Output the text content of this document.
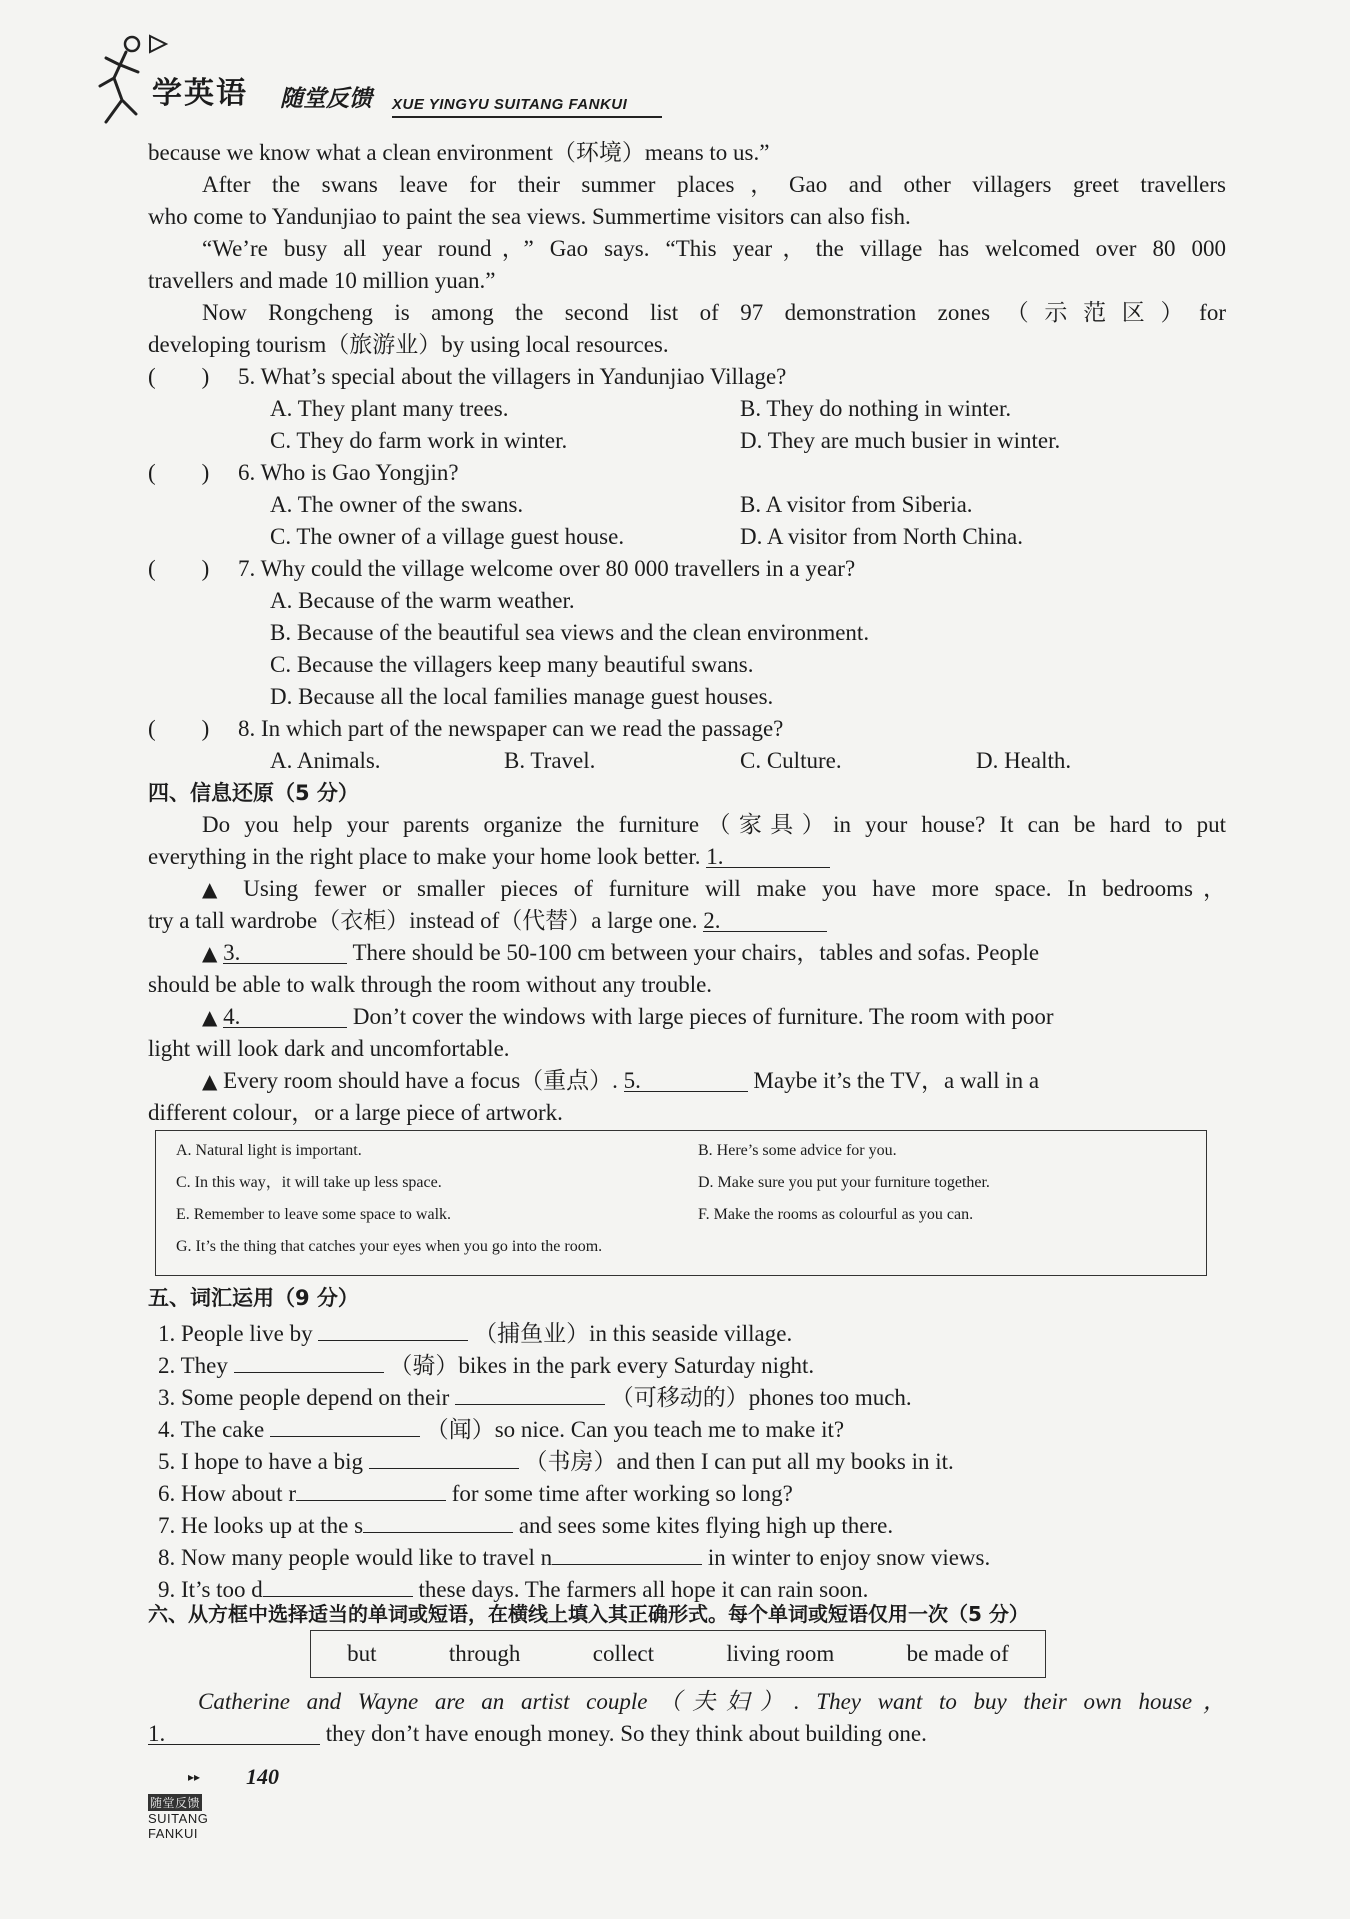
学英语 随堂反馈 XUE YINGYU SUITANG FANKUI
because we know what a clean environment（环境）means to us.”
After the swans leave for their summer places，Gao and other villagers greet travellers
who come to Yandunjiao to paint the sea views. Summertime visitors can also fish.
“We’re busy all year round，” Gao says. “This year，the village has welcomed over 80 000
travellers and made 10 million yuan.”
Now Rongcheng is among the second list of 97 demonstration zones（示范区）for
developing tourism（旅游业）by using local resources.
(　　) 5. What’s special about the villagers in Yandunjiao Village?
A. They plant many trees.	B. They do nothing in winter.
C. They do farm work in winter.	D. They are much busier in winter.
(　　) 6. Who is Gao Yongjin?
A. The owner of the swans.	B. A visitor from Siberia.
C. The owner of a village guest house.	D. A visitor from North China.
(　　) 7. Why could the village welcome over 80 000 travellers in a year?
A. Because of the warm weather.
B. Because of the beautiful sea views and the clean environment.
C. Because the villagers keep many beautiful swans.
D. Because all the local families manage guest houses.
(　　) 8. In which part of the newspaper can we read the passage?
A. Animals.	B. Travel.	C. Culture.	D. Health.
四、信息还原（5 分）
Do you help your parents organize the furniture（家具）in your house? It can be hard to put
everything in the right place to make your home look better. 1.
▲ Using fewer or smaller pieces of furniture will make you have more space. In bedrooms，
try a tall wardrobe（衣柜）instead of（代替）a large one. 2.
▲ 3.	There should be 50-100 cm between your chairs，tables and sofas. People
should be able to walk through the room without any trouble.
▲ 4.	Don’t cover the windows with large pieces of furniture. The room with poor
light will look dark and uncomfortable.
▲ Every room should have a focus（重点）. 5.	Maybe it’s the TV，a wall in a
different colour，or a large piece of artwork.
A. Natural light is important.	B. Here’s some advice for you.
C. In this way，it will take up less space.	D. Make sure you put your furniture together.
E. Remember to leave some space to walk.	F. Make the rooms as colourful as you can.
G. It’s the thing that catches your eyes when you go into the room.
五、词汇运用（9 分）
1. People live by	（捕鱼业）in this seaside village.
2. They	（骑）bikes in the park every Saturday night.
3. Some people depend on their	（可移动的）phones too much.
4. The cake	（闻）so nice. Can you teach me to make it?
5. I hope to have a big	（书房）and then I can put all my books in it.
6. How about r	for some time after working so long?
7. He looks up at the s	and sees some kites flying high up there.
8. Now many people would like to travel n	in winter to enjoy snow views.
9. It’s too d	these days. The farmers all hope it can rain soon.
六、从方框中选择适当的单词或短语，在横线上填入其正确形式。每个单词或短语仅用一次（5 分）
but	through	collect	living room	be made of
Catherine and Wayne are an artist couple（夫妇）. They want to buy their own house，
1.	they don’t have enough money. So they think about building one.
▸▸ 140
随堂反馈SUITANG FANKUI
